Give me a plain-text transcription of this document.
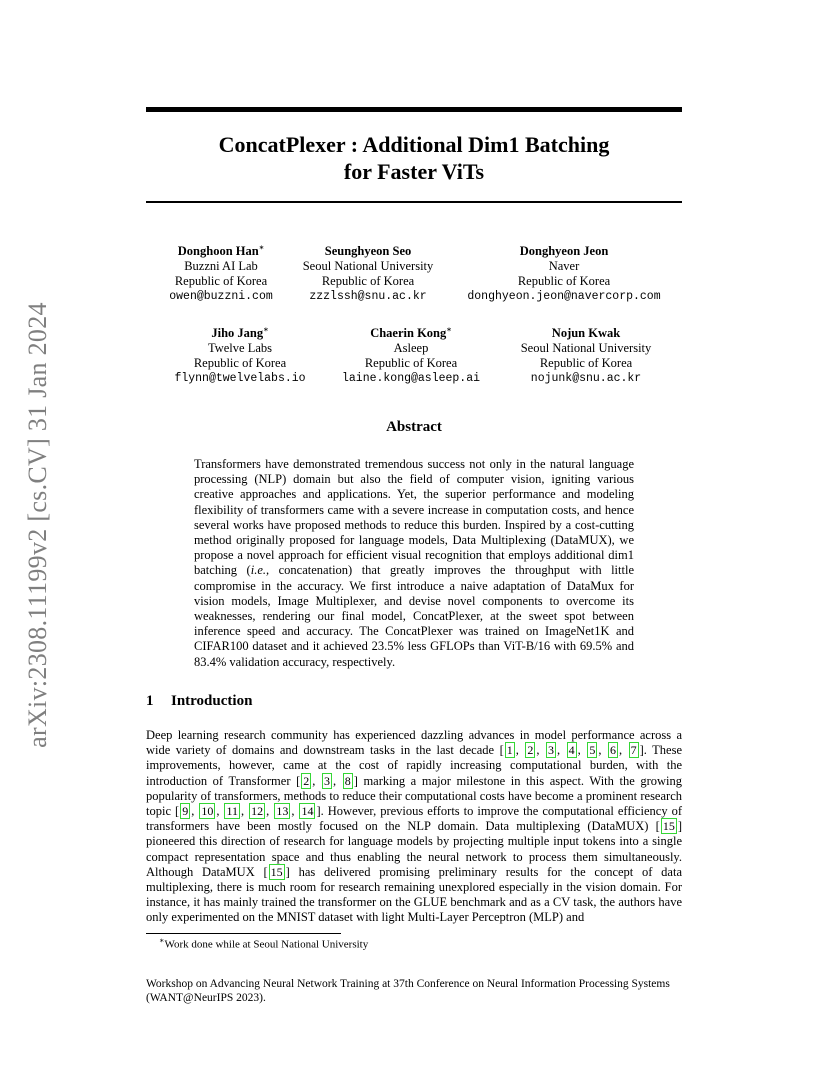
arXiv:2308.11199v2 [cs.CV] 31 Jan 2024
ConcatPlexer : Additional Dim1 Batching
for Faster ViTs
Donghoon Han∗
Buzzni AI Lab
Republic of Korea
owen@buzzni.com
Seunghyeon Seo
Seoul National University
Republic of Korea
zzzlssh@snu.ac.kr
Donghyeon Jeon
Naver
Republic of Korea
donghyeon.jeon@navercorp.com
Jiho Jang∗
Twelve Labs
Republic of Korea
flynn@twelvelabs.io
Chaerin Kong∗
Asleep
Republic of Korea
laine.kong@asleep.ai
Nojun Kwak
Seoul National University
Republic of Korea
nojunk@snu.ac.kr
Abstract
Transformers have demonstrated tremendous success not only in the natural language processing (NLP) domain but also the field of computer vision, igniting various creative approaches and applications. Yet, the superior performance and modeling flexibility of transformers came with a severe increase in computation costs, and hence several works have proposed methods to reduce this burden. Inspired by a cost-cutting method originally proposed for language models, Data Multiplexing (DataMUX), we propose a novel approach for efficient visual recognition that employs additional dim1 batching (i.e., concatenation) that greatly improves the throughput with little compromise in the accuracy. We first introduce a naive adaptation of DataMux for vision models, Image Multiplexer, and devise novel components to overcome its weaknesses, rendering our final model, ConcatPlexer, at the sweet spot between inference speed and accuracy. The ConcatPlexer was trained on ImageNet1K and CIFAR100 dataset and it achieved 23.5% less GFLOPs than ViT-B/16 with 69.5% and 83.4% validation accuracy, respectively.
1 Introduction
Deep learning research community has experienced dazzling advances in model performance across a wide variety of domains and downstream tasks in the last decade [ 1 , 2 , 3 , 4 , 5 , 6 , 7 ]. These improvements, however, came at the cost of rapidly increasing computational burden, with the introduction of Transformer [ 2 , 3 , 8 ] marking a major milestone in this aspect. With the growing popularity of transformers, methods to reduce their computational costs have become a prominent research topic [ 9 , 10 , 11 , 12 , 13 , 14 ]. However, previous efforts to improve the computational efficiency of transformers have been mostly focused on the NLP domain. Data multiplexing (DataMUX) [ 15 ] pioneered this direction of research for language models by projecting multiple input tokens into a single compact representation space and thus enabling the neural network to process them simultaneously. Although DataMUX [ 15 ] has delivered promising preliminary results for the concept of data multiplexing, there is much room for research remaining unexplored especially in the vision domain. For instance, it has mainly trained the transformer on the GLUE benchmark and as a CV task, the authors have only experimented on the MNIST dataset with light Multi-Layer Perceptron (MLP) and
∗Work done while at Seoul National University
Workshop on Advancing Neural Network Training at 37th Conference on Neural Information Processing Systems
(WANT@NeurIPS 2023).
